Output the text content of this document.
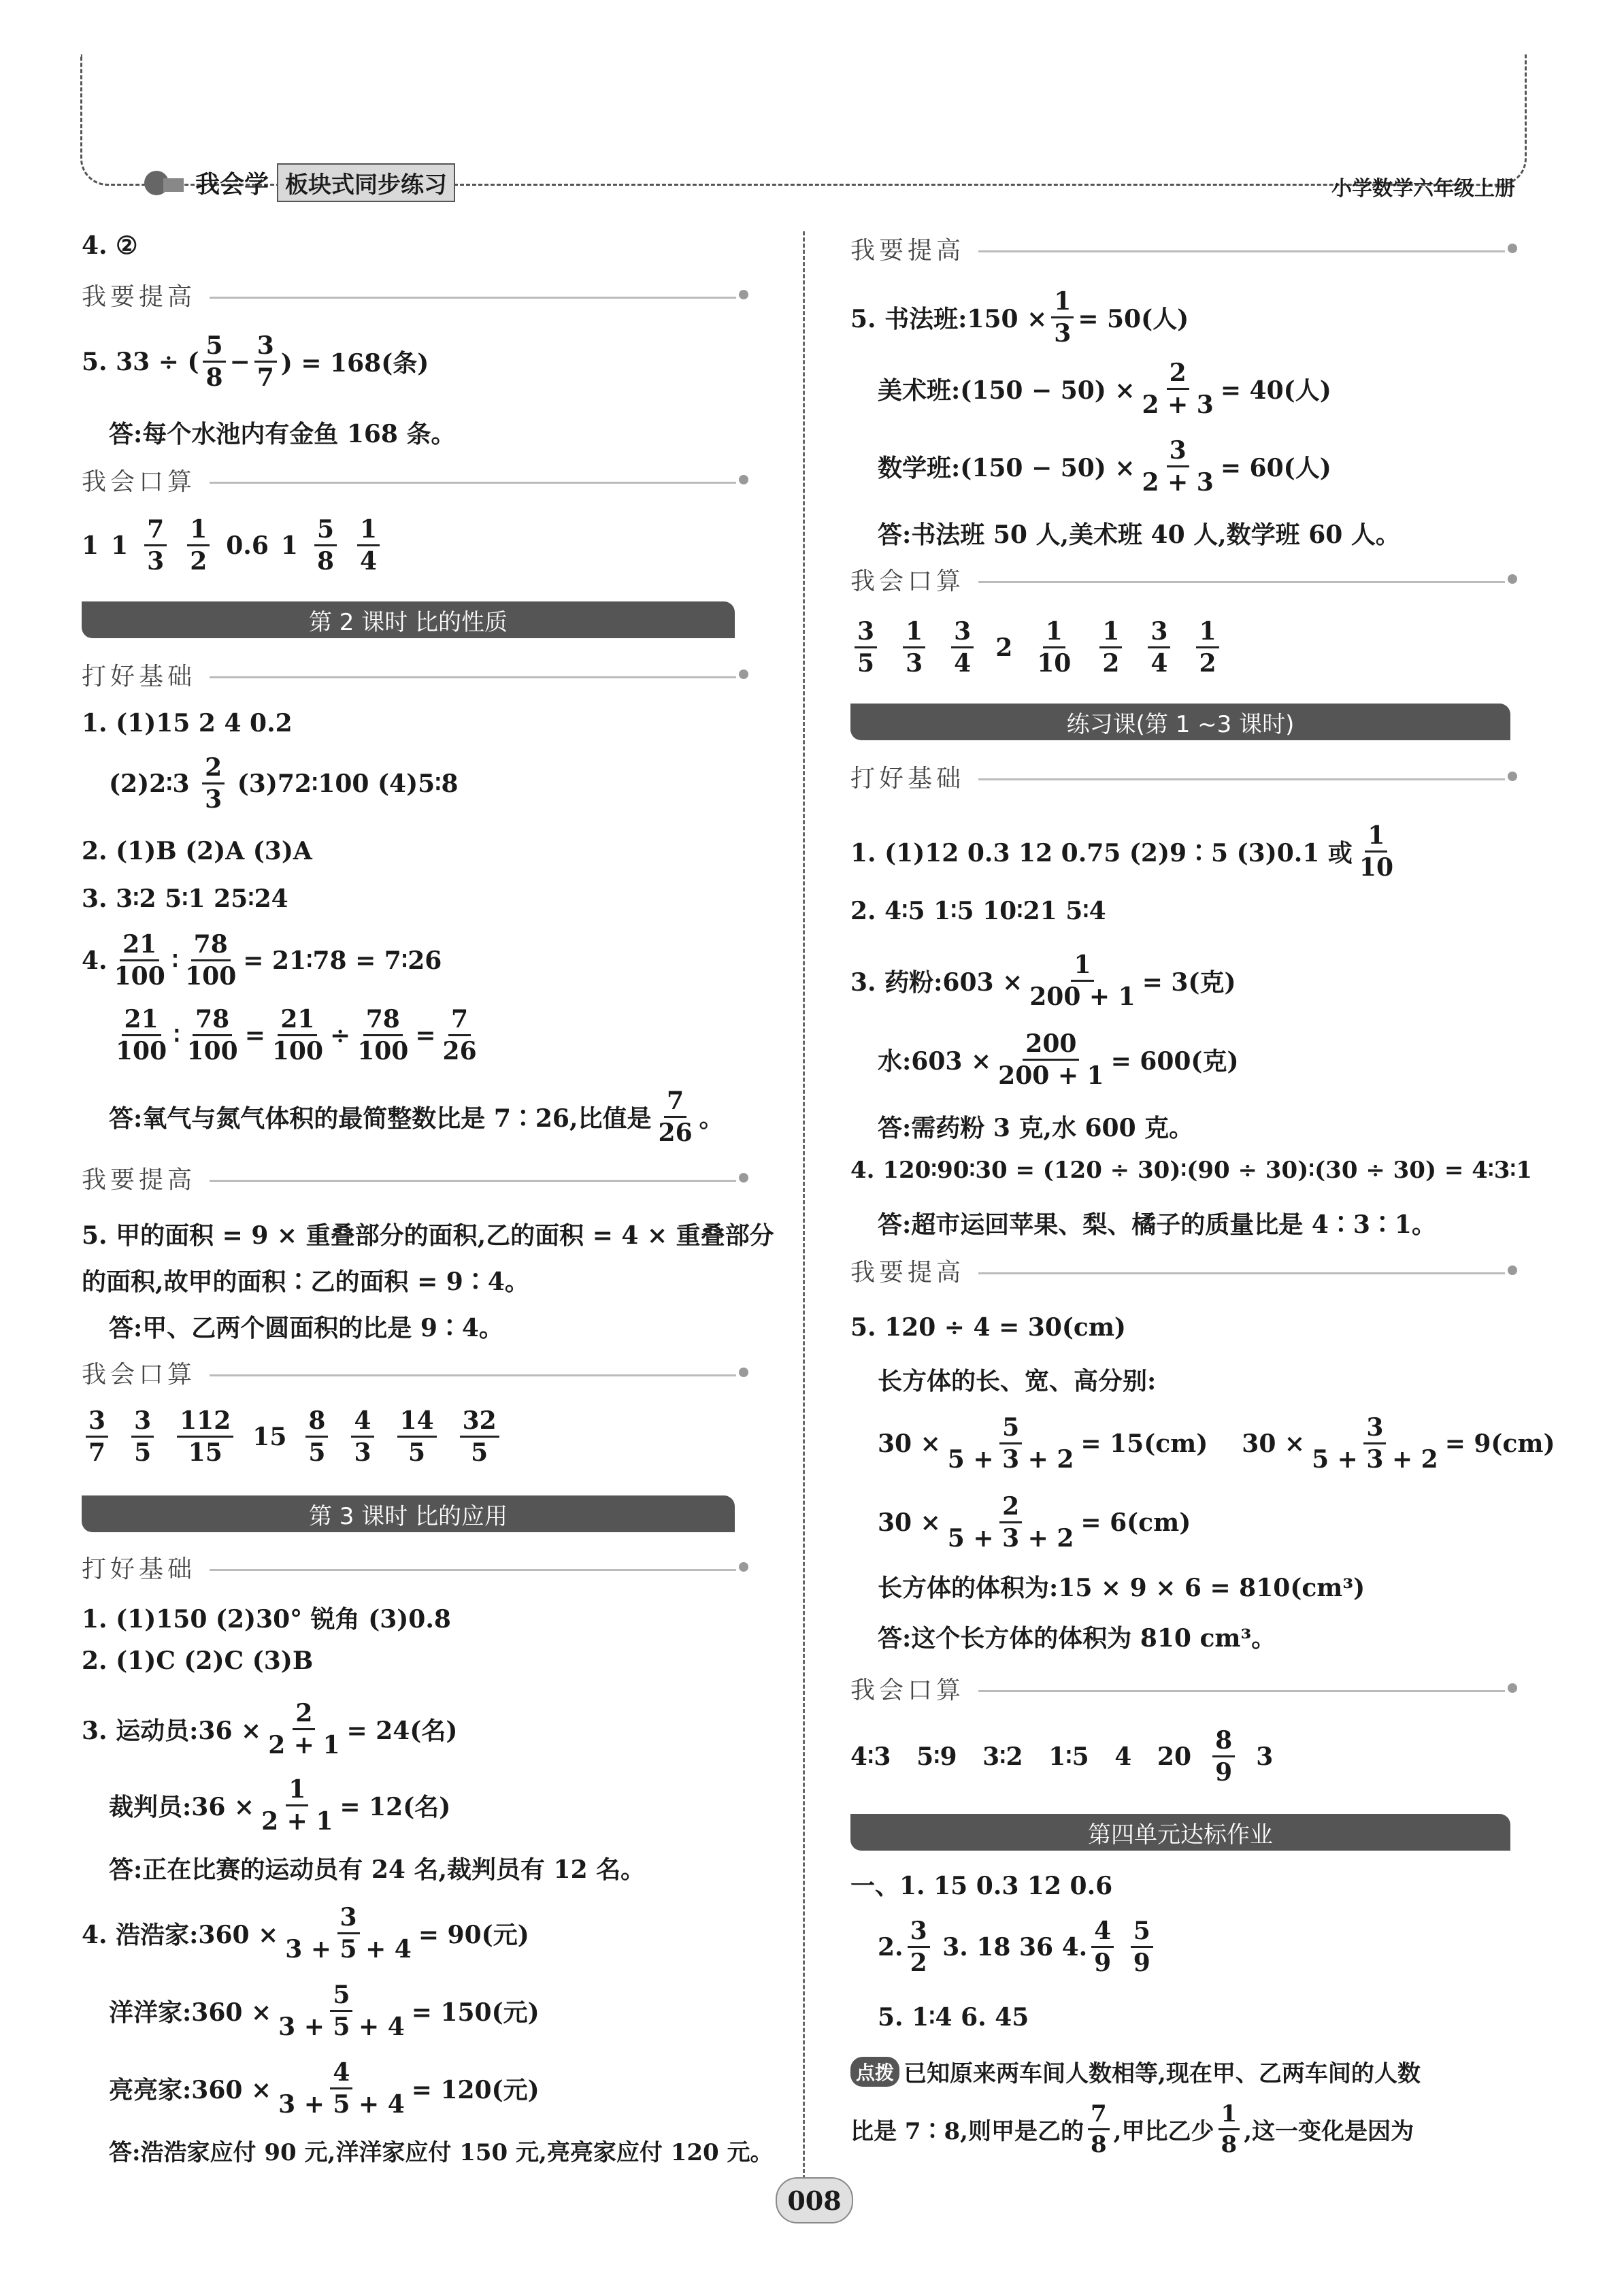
我会学 板块式同步练习	小学数学六年级上册
4. ②
我要提高
5. 33 ÷ (
5
8
− $\frac{3}{7}$ ) = 168(条)
答:每个水池内有金鱼 168 条。
我会口算
1 1
7
3
1
2
0.6 1
5
8
1
4
第 2 课时 比的性质
打好基础
1. (1)15 2 4 0.2
(2)2∶3

2
3

(3)72∶100 (4)5∶8
2. (1)B (2)A (3)A
3. 3∶2 5∶1 25∶24
4.
21
100
∶ $\frac{78}{100}$ = 21∶78 = 7∶26
21
100
∶ $\frac{78}{100} = \frac{21}{100} \div \frac{78}{100} = \frac{7}{26}$
答:氧气与氮气体积的最简整数比是 7∶26,比值是
7
26 。
我要提高
5. 甲的面积 = 9 × 重叠部分的面积,乙的面积 = 4 × 重叠部分
的面积,故甲的面积∶乙的面积 = 9∶4。
答:甲、乙两个圆面积的比是 9∶4。
我会口算
3
7
3
5
112
15
15
8
5
4
3
14
5
32
5
第 3 课时 比的应用
打好基础
1. (1)150 (2)30° 锐角 (3)0.8
2. (1)C (2)C (3)B
3. 运动员:36 × $\frac{2}{2 + 1} = 24$(名)
裁判员:36 × $\frac{1}{2 + 1} = 12$(名)
答:正在比赛的运动员有 24 名,裁判员有 12 名。
4. 浩浩家:360 × $\frac{3}{3 + 5 + 4} = 90$(元)
洋洋家:360 × $\frac{5}{3 + 5 + 4} = 150$(元)
亮亮家:360 × $\frac{4}{3 + 5 + 4} = 120$(元)
答:浩浩家应付 90 元,洋洋家应付 150 元,亮亮家应付 120 元。
我要提高
5. 书法班:150 × $\frac{1}{3} = 50$(人)
美术班:(150 − $50) \times \frac{2}{2 + 3} = 40$(人)
数学班:(150 − $50) \times \frac{3}{2 + 3} = 60$(人)
答:书法班 50 人,美术班 40 人,数学班 60 人。
我会口算
3
5
1
3
3
4
2
1
10
1
2
3
4
1
2
练习课(第 1 ~3 课时)
打好基础
1. (1)12 0.3 12 0.75 (2)9∶5 (3)0.1 或
1
10
2. 4∶5 1∶5 10∶21 5∶4
3. 药粉:603 × $\frac{1}{200 + 1} = 3$(克)
水:603 × $\frac{200}{200 + 1} = 600$(克)
答:需药粉 3 克,水 600 克。
4. 120∶90∶30 = (120 ÷ 30)∶(90 ÷ 30)∶(30 ÷ 30) = 4∶3∶1
答:超市运回苹果、梨、橘子的质量比是 4∶3∶1。
我要提高
5. 120 ÷ 4 = 30(cm)
长方体的长、宽、高分别:
$30 \times \frac{5}{5 + 3 + 2} = 15(cm) 30 \times \frac{3}{5 + 3 + 2} = 9(cm)$
$30 \times \frac{2}{5 + 3 + 2} = 6(cm)$
长方体的体积为:15 × 9 × 6 = 810(cm³)
答:这个长方体的体积为 810 cm³。
我会口算
4∶3   5∶9   3∶2   1∶5   4   20

8
9

3
第四单元达标作业
一、1. 15 0.3 12 0.6
2.
3
2

3. 18 36 4.
4
9

5
9
5. 1∶4 6. 45
点拨 已知原来两车间人数相等,现在甲、乙两车间的人数
比是 7∶8,则甲是乙的
7
8 ,甲比乙少
1
8 ,这一变化是因为
008
